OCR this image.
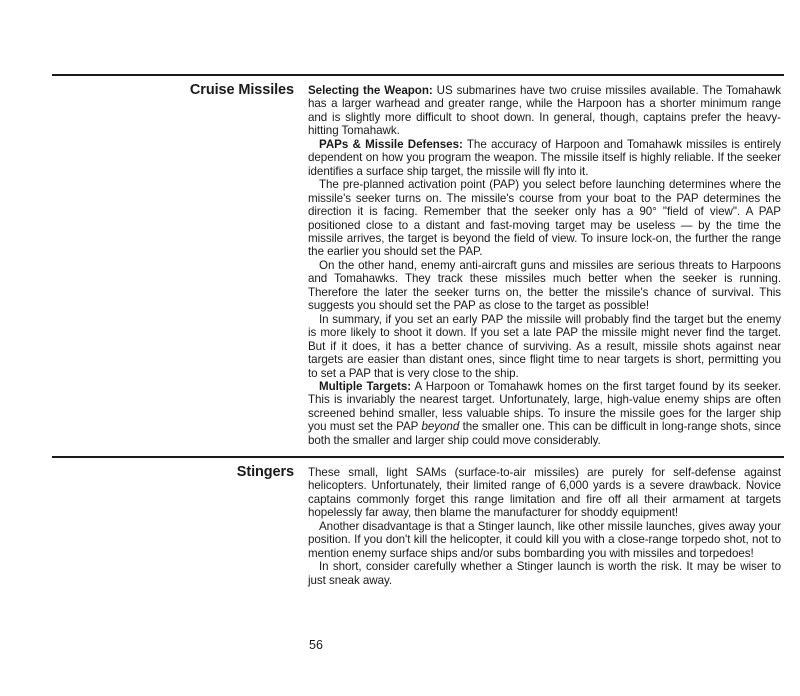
Cruise Missiles Selecting the Weapon: US submarines have two cruise missiles available. The Tomahawk has a larger warhead and greater range, while the Harpoon has a shorter minimum range and is slightly more difficult to shoot down. In general, though, captains prefer the heavy-hitting Tomahawk.

PAPs & Missile Defenses: The accuracy of Harpoon and Tomahawk missiles is entirely dependent on how you program the weapon. The missile itself is highly reliable. If the seeker identifies a surface ship target, the missile will fly into it.

The pre-planned activation point (PAP) you select before launching determines where the missile's seeker turns on. The missile's course from your boat to the PAP determines the direction it is facing. Remember that the seeker only has a 90° "field of view". A PAP positioned close to a distant and fast-moving target may be useless — by the time the missile arrives, the target is beyond the field of view. To insure lock-on, the further the range the earlier you should set the PAP.

On the other hand, enemy anti-aircraft guns and missiles are serious threats to Harpoons and Tomahawks. They track these missiles much better when the seeker is running. Therefore the later the seeker turns on, the better the missile's chance of survival. This suggests you should set the PAP as close to the target as possible!

In summary, if you set an early PAP the missile will probably find the target but the enemy is more likely to shoot it down. If you set a late PAP the missile might never find the target. But if it does, it has a better chance of surviving. As a result, missile shots against near targets are easier than distant ones, since flight time to near targets is short, permitting you to set a PAP that is very close to the ship.

Multiple Targets: A Harpoon or Tomahawk homes on the first target found by its seeker. This is invariably the nearest target. Unfortunately, large, high-value enemy ships are often screened behind smaller, less valuable ships. To insure the missile goes for the larger ship you must set the PAP beyond the smaller one. This can be difficult in long-range shots, since both the smaller and larger ship could move considerably.

Stingers These small, light SAMs (surface-to-air missiles) are purely for self-defense against helicopters. Unfortunately, their limited range of 6,000 yards is a severe drawback. Novice captains commonly forget this range limitation and fire off all their armament at targets hopelessly far away, then blame the manufacturer for shoddy equipment!

Another disadvantage is that a Stinger launch, like other missile launches, gives away your position. If you don't kill the helicopter, it could kill you with a close-range torpedo shot, not to mention enemy surface ships and/or subs bombarding you with missiles and torpedoes!

In short, consider carefully whether a Stinger launch is worth the risk. It may be wiser to just sneak away.

56
